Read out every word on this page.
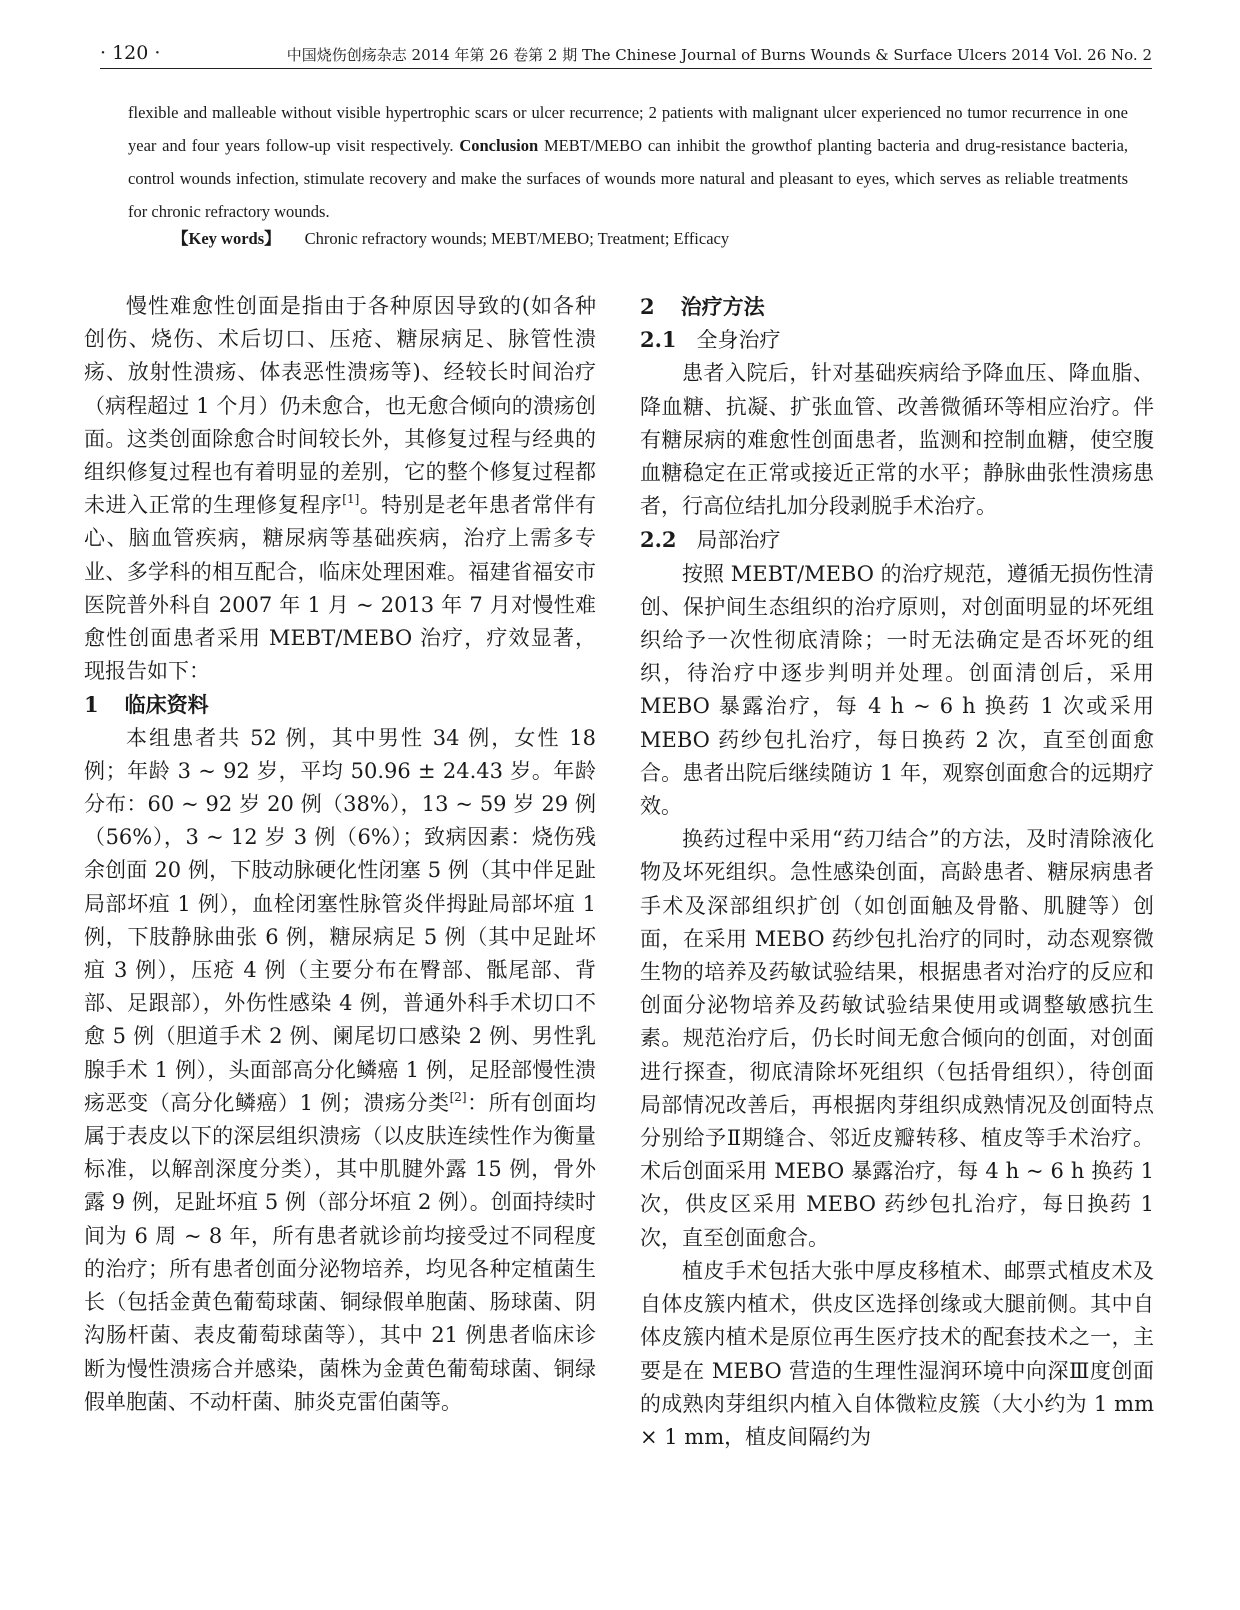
· 120 ·	中国烧伤创疡杂志 2014 年第 26 卷第 2 期 The Chinese Journal of Burns Wounds & Surface Ulcers 2014 Vol. 26 No. 2

flexible and malleable without visible hypertrophic scars or ulcer recurrence; 2 patients with malignant ulcer experienced no tumor recurrence in one year and four years follow-up visit respectively. Conclusion MEBT/MEBO can inhibit the growthof planting bacteria and drug-resistance bacteria, control wounds infection, stimulate recovery and make the surfaces of wounds more natural and pleasant to eyes, which serves as reliable treatments for chronic refractory wounds.

【Key words】 Chronic refractory wounds; MEBT/MEBO; Treatment; Efficacy

慢性难愈性创面是指由于各种原因导致的(如各种创伤、烧伤、术后切口、压疮、糖尿病足、脉管性溃疡、放射性溃疡、体表恶性溃疡等)、经较长时间治疗（病程超过 1 个月）仍未愈合，也无愈合倾向的溃疡创面。这类创面除愈合时间较长外，其修复过程与经典的组织修复过程也有着明显的差别，它的整个修复过程都未进入正常的生理修复程序[1]。特别是老年患者常伴有心、脑血管疾病，糖尿病等基础疾病，治疗上需多专业、多学科的相互配合，临床处理困难。福建省福安市医院普外科自 2007 年 1 月 ~ 2013 年 7 月对慢性难愈性创面患者采用 MEBT/MEBO 治疗，疗效显著，现报告如下：

1 临床资料

本组患者共 52 例，其中男性 34 例，女性 18 例；年龄 3 ~ 92 岁，平均 50.96 ± 24.43 岁。年龄分布：60 ~ 92 岁 20 例（38%），13 ~ 59 岁 29 例（56%），3 ~ 12 岁 3 例（6%）；致病因素：烧伤残余创面 20 例，下肢动脉硬化性闭塞 5 例（其中伴足趾局部坏疽 1 例），血栓闭塞性脉管炎伴拇趾局部坏疽 1 例，下肢静脉曲张 6 例，糖尿病足 5 例（其中足趾坏疽 3 例），压疮 4 例（主要分布在臀部、骶尾部、背部、足跟部），外伤性感染 4 例，普通外科手术切口不愈 5 例（胆道手术 2 例、阑尾切口感染 2 例、男性乳腺手术 1 例），头面部高分化鳞癌 1 例，足胫部慢性溃疡恶变（高分化鳞癌）1 例；溃疡分类[2]：所有创面均属于表皮以下的深层组织溃疡（以皮肤连续性作为衡量标准，以解剖深度分类），其中肌腱外露 15 例，骨外露 9 例，足趾坏疽 5 例（部分坏疽 2 例）。创面持续时间为 6 周 ~ 8 年，所有患者就诊前均接受过不同程度的治疗；所有患者创面分泌物培养，均见各种定植菌生长（包括金黄色葡萄球菌、铜绿假单胞菌、肠球菌、阴沟肠杆菌、表皮葡萄球菌等），其中 21 例患者临床诊断为慢性溃疡合并感染，菌株为金黄色葡萄球菌、铜绿假单胞菌、不动杆菌、肺炎克雷伯菌等。

2 治疗方法
2.1 全身治疗

患者入院后，针对基础疾病给予降血压、降血脂、降血糖、抗凝、扩张血管、改善微循环等相应治疗。伴有糖尿病的难愈性创面患者，监测和控制血糖，使空腹血糖稳定在正常或接近正常的水平；静脉曲张性溃疡患者，行高位结扎加分段剥脱手术治疗。

2.2 局部治疗

按照 MEBT/MEBO 的治疗规范，遵循无损伤性清创、保护间生态组织的治疗原则，对创面明显的坏死组织给予一次性彻底清除；一时无法确定是否坏死的组织，待治疗中逐步判明并处理。创面清创后，采用 MEBO 暴露治疗，每 4 h ~ 6 h 换药 1 次或采用 MEBO 药纱包扎治疗，每日换药 2 次，直至创面愈合。患者出院后继续随访 1 年，观察创面愈合的远期疗效。

换药过程中采用“药刀结合”的方法，及时清除液化物及坏死组织。急性感染创面，高龄患者、糖尿病患者手术及深部组织扩创（如创面触及骨骼、肌腱等）创面，在采用 MEBO 药纱包扎治疗的同时，动态观察微生物的培养及药敏试验结果，根据患者对治疗的反应和创面分泌物培养及药敏试验结果使用或调整敏感抗生素。规范治疗后，仍长时间无愈合倾向的创面，对创面进行探查，彻底清除坏死组织（包括骨组织），待创面局部情况改善后，再根据肉芽组织成熟情况及创面特点分别给予Ⅱ期缝合、邻近皮瓣转移、植皮等手术治疗。术后创面采用 MEBO 暴露治疗，每 4 h ~ 6 h 换药 1 次，供皮区采用 MEBO 药纱包扎治疗，每日换药 1 次，直至创面愈合。

植皮手术包括大张中厚皮移植术、邮票式植皮术及自体皮簇内植术，供皮区选择创缘或大腿前侧。其中自体皮簇内植术是原位再生医疗技术的配套技术之一，主要是在 MEBO 营造的生理性湿润环境中向深Ⅲ度创面的成熟肉芽组织内植入自体微粒皮簇（大小约为 1 mm × 1 mm，植皮间隔约为
